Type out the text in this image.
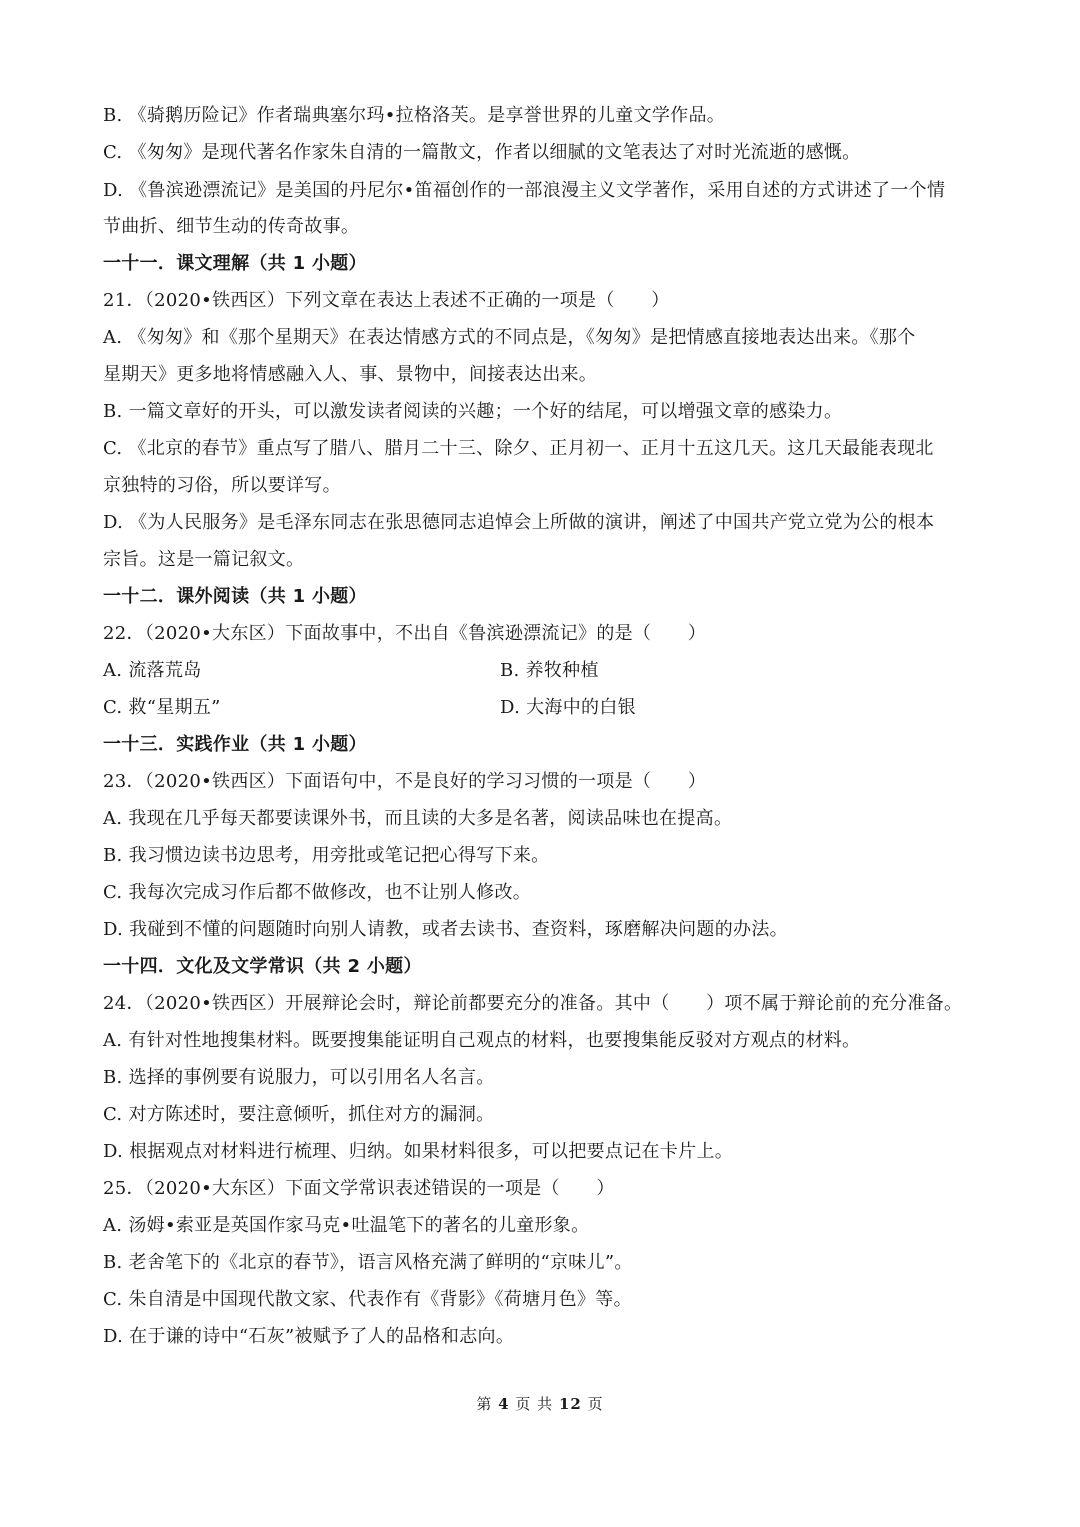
B. 《骑鹅历险记》作者瑞典塞尔玛•拉格洛芙。是享誉世界的儿童文学作品。
C. 《匆匆》是现代著名作家朱自清的一篇散文，作者以细腻的文笔表达了对时光流逝的感慨。
D. 《鲁滨逊漂流记》是美国的丹尼尔•笛福创作的一部浪漫主义文学著作，采用自述的方式讲述了一个情
节曲折、细节生动的传奇故事。
一十一．课文理解（共 1 小题）
21．（2020•铁西区）下列文章在表达上表述不正确的一项是（　　）
A. 《匆匆》和《那个星期天》在表达情感方式的不同点是，《匆匆》是把情感直接地表达出来。《那个
星期天》更多地将情感融入人、事、景物中，间接表达出来。
B. 一篇文章好的开头，可以激发读者阅读的兴趣；一个好的结尾，可以增强文章的感染力。
C. 《北京的春节》重点写了腊八、腊月二十三、除夕、正月初一、正月十五这几天。这几天最能表现北
京独特的习俗，所以要详写。
D. 《为人民服务》是毛泽东同志在张思德同志追悼会上所做的演讲，阐述了中国共产党立党为公的根本
宗旨。这是一篇记叙文。
一十二．课外阅读（共 1 小题）
22．（2020•大东区）下面故事中，不出自《鲁滨逊漂流记》的是（　　）
A. 流落荒岛	B. 养牧种植
C. 救“星期五”	D. 大海中的白银
一十三．实践作业（共 1 小题）
23．（2020•铁西区）下面语句中，不是良好的学习习惯的一项是（　　）
A. 我现在几乎每天都要读课外书，而且读的大多是名著，阅读品味也在提高。
B. 我习惯边读书边思考，用旁批或笔记把心得写下来。
C. 我每次完成习作后都不做修改，也不让别人修改。
D. 我碰到不懂的问题随时向别人请教，或者去读书、查资料，琢磨解决问题的办法。
一十四．文化及文学常识（共 2 小题）
24．（2020•铁西区）开展辩论会时，辩论前都要充分的准备。其中（　　）项不属于辩论前的充分准备。
A. 有针对性地搜集材料。既要搜集能证明自己观点的材料，也要搜集能反驳对方观点的材料。
B. 选择的事例要有说服力，可以引用名人名言。
C. 对方陈述时，要注意倾听，抓住对方的漏洞。
D. 根据观点对材料进行梳理、归纳。如果材料很多，可以把要点记在卡片上。
25．（2020•大东区）下面文学常识表述错误的一项是（　　）
A. 汤姆•索亚是英国作家马克•吐温笔下的著名的儿童形象。
B. 老舍笔下的《北京的春节》，语言风格充满了鲜明的“京味儿”。
C. 朱自清是中国现代散文家、代表作有《背影》《荷塘月色》等。
D. 在于谦的诗中“石灰”被赋予了人的品格和志向。
第 4 页 共 12 页
